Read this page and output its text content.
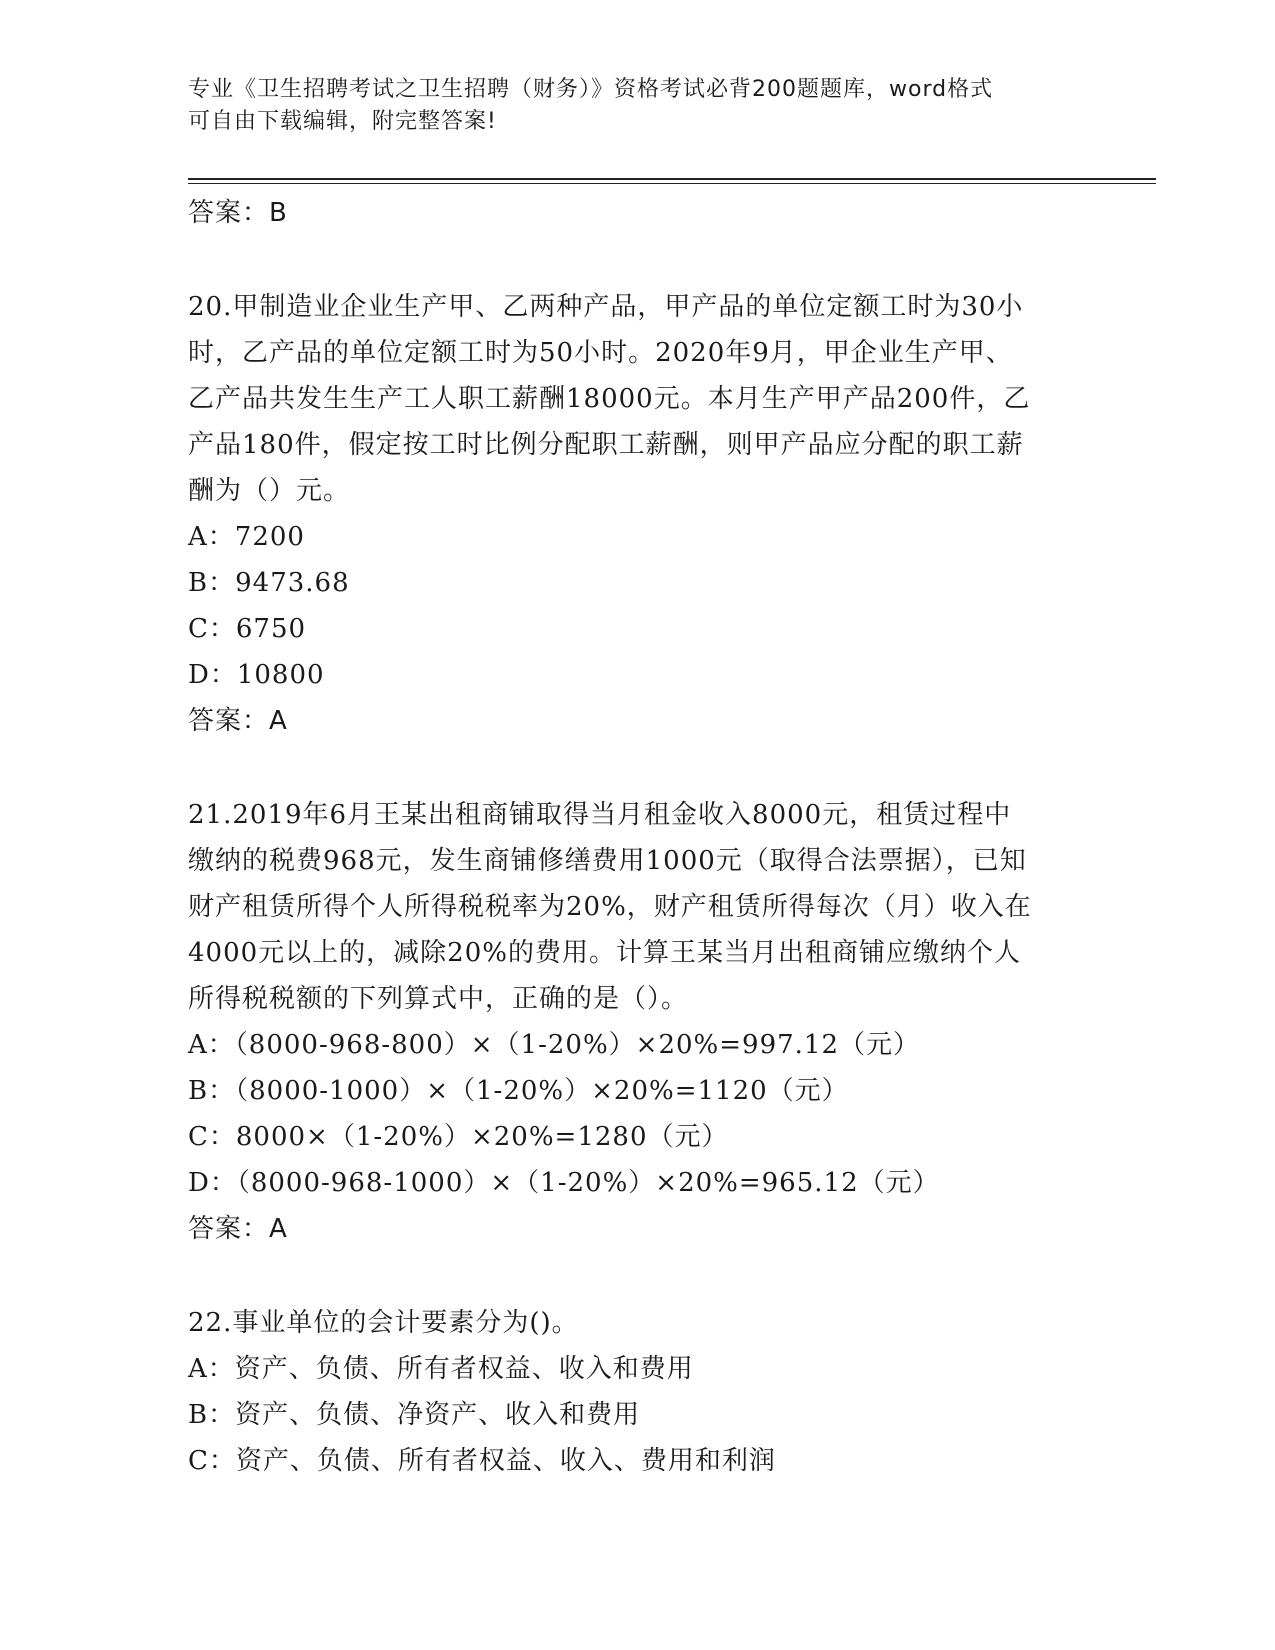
专业《卫生招聘考试之卫生招聘（财务）》资格考试必背200题题库，word格式
可自由下载编辑，附完整答案!
答案：B
20.甲制造业企业生产甲、乙两种产品，甲产品的单位定额工时为30小时，乙产品的单位定额工时为50小时。2020年9月，甲企业生产甲、乙产品共发生生产工人职工薪酬18000元。本月生产甲产品200件，乙产品180件，假定按工时比例分配职工薪酬，则甲产品应分配的职工薪酬为（）元。
A：7200
B：9473.68
C：6750
D：10800
答案：A
21.2019年6月王某出租商铺取得当月租金收入8000元，租赁过程中缴纳的税费968元，发生商铺修缮费用1000元（取得合法票据），已知财产租赁所得个人所得税税率为20%，财产租赁所得每次（月）收入在4000元以上的，减除20%的费用。计算王某当月出租商铺应缴纳个人所得税税额的下列算式中，正确的是（）。
A：（8000-968-800）×（1-20%）×20%=997.12（元）
B：（8000-1000）×（1-20%）×20%=1120（元）
C：8000×（1-20%）×20%=1280（元）
D：（8000-968-1000）×（1-20%）×20%=965.12（元）
答案：A
22.事业单位的会计要素分为()。
A：资产、负债、所有者权益、收入和费用
B：资产、负债、净资产、收入和费用
C：资产、负债、所有者权益、收入、费用和利润
